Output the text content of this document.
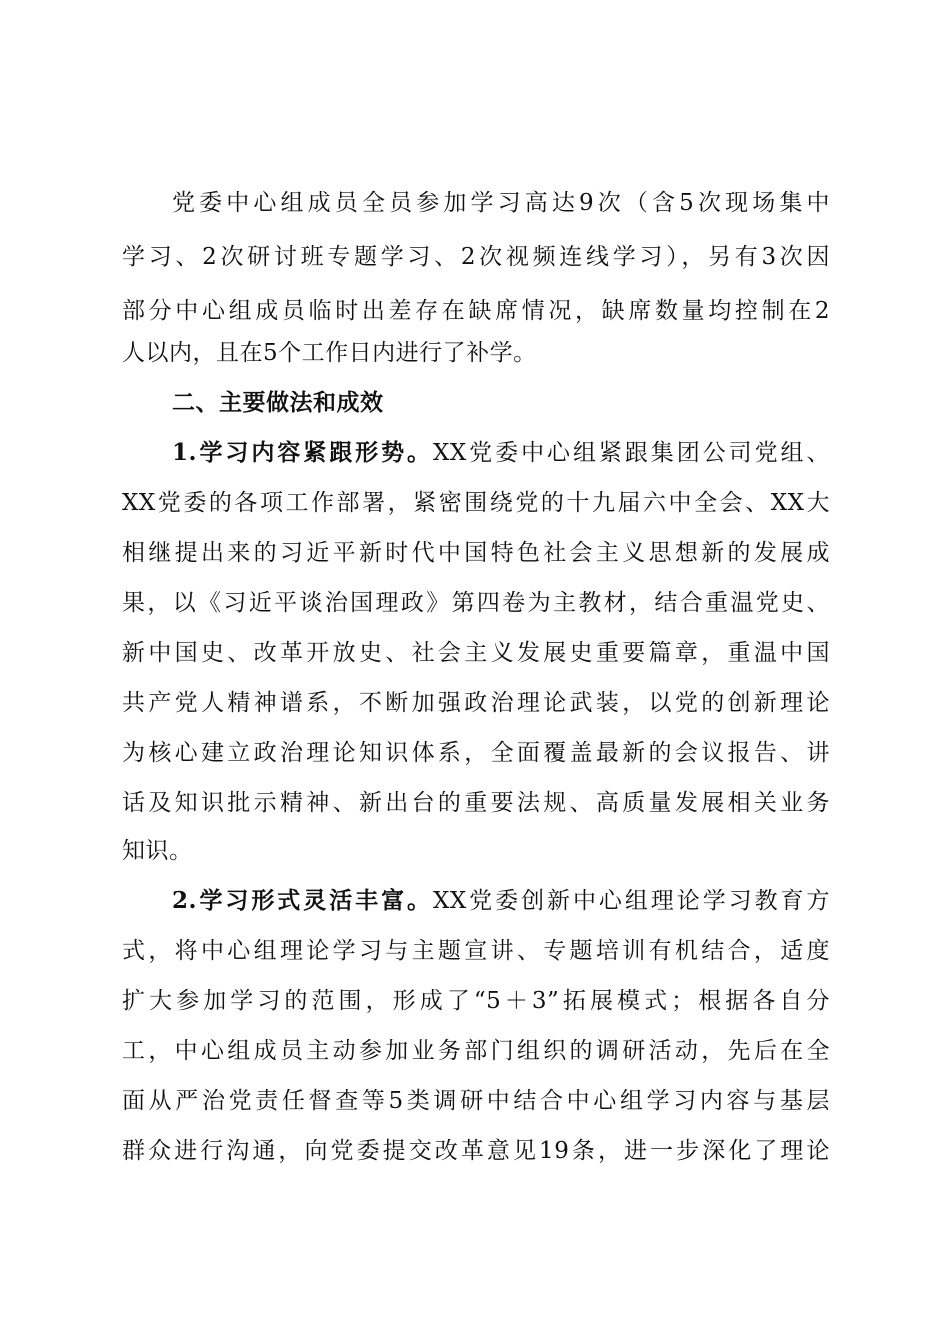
党委中心组成员全员参加学习高达9次（含5次现场集中
学习、2次研讨班专题学习、2次视频连线学习），另有3次因
部分中心组成员临时出差存在缺席情况，缺席数量均控制在2
人以内，且在5个工作日内进行了补学。
二、主要做法和成效
1.学习内容紧跟形势。XX党委中心组紧跟集团公司党组、
XX党委的各项工作部署，紧密围绕党的十九届六中全会、XX大
相继提出来的习近平新时代中国特色社会主义思想新的发展成
果，以《习近平谈治国理政》第四卷为主教材，结合重温党史、
新中国史、改革开放史、社会主义发展史重要篇章，重温中国
共产党人精神谱系，不断加强政治理论武装，以党的创新理论
为核心建立政治理论知识体系，全面覆盖最新的会议报告、讲
话及知识批示精神、新出台的重要法规、高质量发展相关业务
知识。
2.学习形式灵活丰富。XX党委创新中心组理论学习教育方
式，将中心组理论学习与主题宣讲、专题培训有机结合，适度
扩大参加学习的范围，形成了“5＋3”拓展模式；根据各自分
工，中心组成员主动参加业务部门组织的调研活动，先后在全
面从严治党责任督查等5类调研中结合中心组学习内容与基层
群众进行沟通，向党委提交改革意见19条，进一步深化了理论
